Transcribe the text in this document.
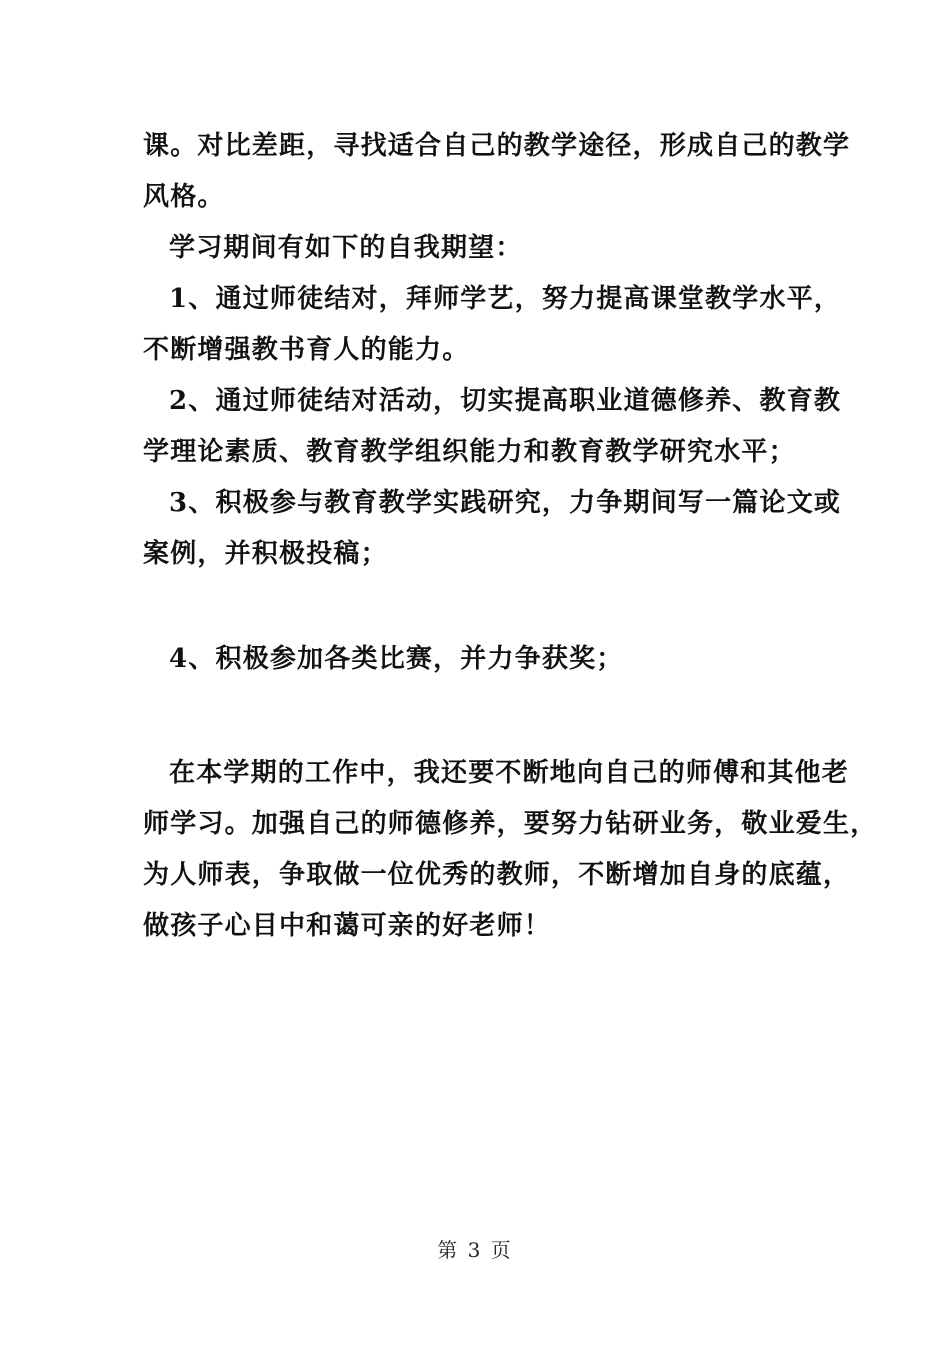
课。对比差距，寻找适合自己的教学途径，形成自己的教学
风格。
学习期间有如下的自我期望：
1、通过师徒结对，拜师学艺，努力提高课堂教学水平，
不断增强教书育人的能力。
2、通过师徒结对活动，切实提高职业道德修养、教育教
学理论素质、教育教学组织能力和教育教学研究水平；
3、积极参与教育教学实践研究，力争期间写一篇论文或
案例，并积极投稿；
4、积极参加各类比赛，并力争获奖；
在本学期的工作中，我还要不断地向自己的师傅和其他老
师学习。加强自己的师德修养，要努力钻研业务，敬业爱生，
为人师表，争取做一位优秀的教师，不断增加自身的底蕴，
做孩子心目中和蔼可亲的好老师！
第 3 页
